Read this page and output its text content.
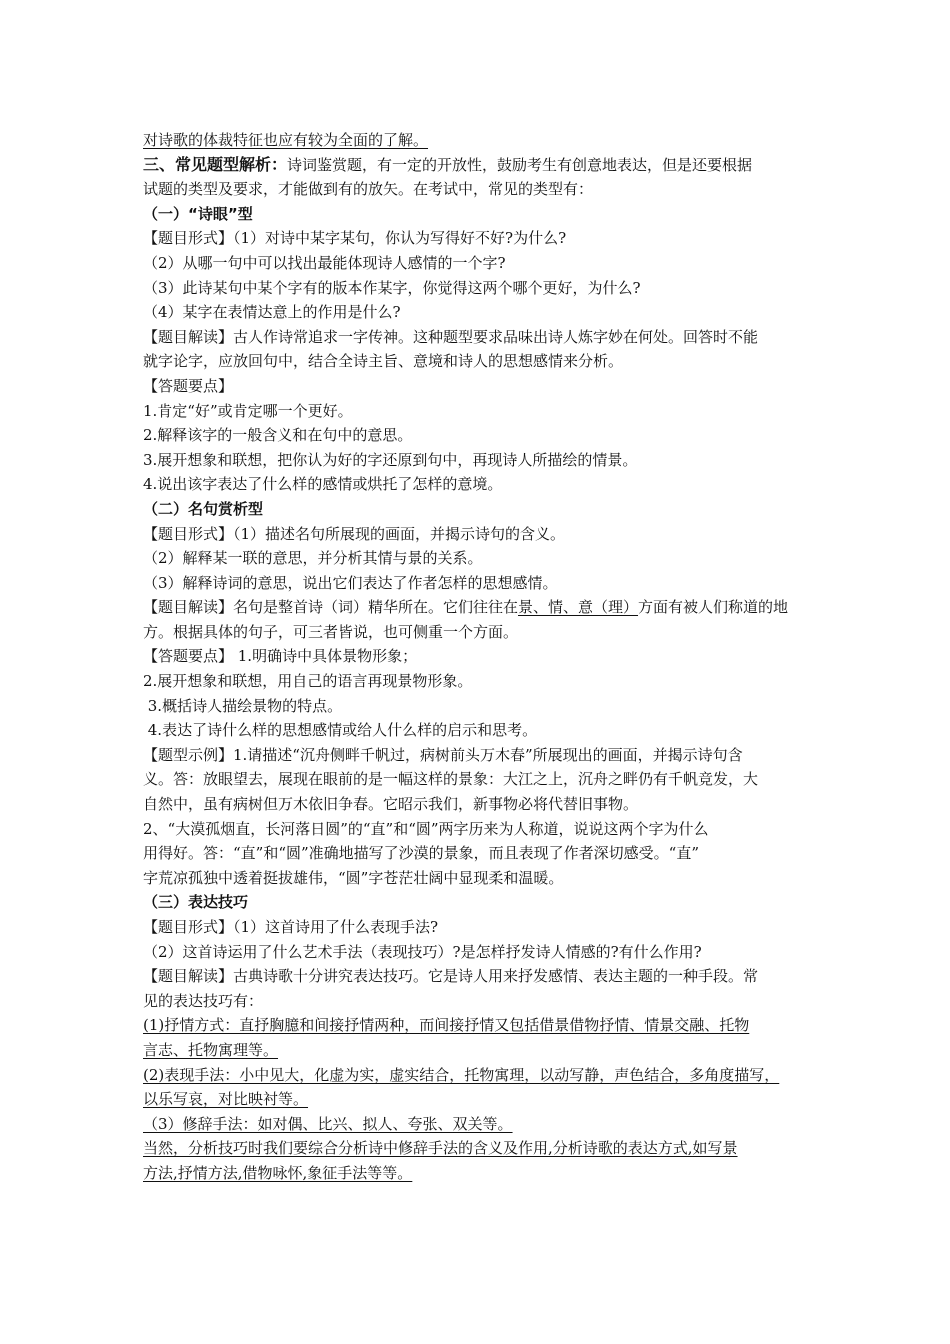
对诗歌的体裁特征也应有较为全面的了解。
三、常见题型解析：诗词鉴赏题，有一定的开放性，鼓励考生有创意地表达，但是还要根据
试题的类型及要求，才能做到有的放矢。在考试中，常见的类型有：
（一）“诗眼”型
【题目形式】（1）对诗中某字某句，你认为写得好不好?为什么?
（2）从哪一句中可以找出最能体现诗人感情的一个字?
（3）此诗某句中某个字有的版本作某字，你觉得这两个哪个更好，为什么?
（4）某字在表情达意上的作用是什么?
【题目解读】古人作诗常追求一字传神。这种题型要求品味出诗人炼字妙在何处。回答时不能
就字论字，应放回句中，结合全诗主旨、意境和诗人的思想感情来分析。
【答题要点】
1.肯定“好”或肯定哪一个更好。
2.解释该字的一般含义和在句中的意思。
3.展开想象和联想，把你认为好的字还原到句中，再现诗人所描绘的情景。
4.说出该字表达了什么样的感情或烘托了怎样的意境。
（二）名句赏析型
【题目形式】（1）描述名句所展现的画面，并揭示诗句的含义。
（2）解释某一联的意思，并分析其情与景的关系。
（3）解释诗词的意思，说出它们表达了作者怎样的思想感情。
【题目解读】名句是整首诗（词）精华所在。它们往往在景、情、意（理）方面有被人们称道的地
方。根据具体的句子，可三者皆说，也可侧重一个方面。
【答题要点】 1.明确诗中具体景物形象；
2.展开想象和联想，用自己的语言再现景物形象。
3.概括诗人描绘景物的特点。
4.表达了诗什么样的思想感情或给人什么样的启示和思考。
【题型示例】1.请描述“沉舟侧畔千帆过，病树前头万木春”所展现出的画面，并揭示诗句含
义。答：放眼望去，展现在眼前的是一幅这样的景象：大江之上，沉舟之畔仍有千帆竞发，大
自然中，虽有病树但万木依旧争春。它昭示我们，新事物必将代替旧事物。
2、“大漠孤烟直，长河落日圆”的“直”和“圆”两字历来为人称道，说说这两个字为什么
用得好。答：“直”和“圆”准确地描写了沙漠的景象，而且表现了作者深切感受。“直”
字荒凉孤独中透着挺拔雄伟，“圆”字苍茫壮阔中显现柔和温暖。
（三）表达技巧
【题目形式】（1）这首诗用了什么表现手法?
（2）这首诗运用了什么艺术手法（表现技巧）?是怎样抒发诗人情感的?有什么作用?
【题目解读】古典诗歌十分讲究表达技巧。它是诗人用来抒发感情、表达主题的一种手段。常
见的表达技巧有：
(1)抒情方式：直抒胸臆和间接抒情两种，而间接抒情又包括借景借物抒情、情景交融、托物
言志、托物寓理等。
(2)表现手法：小中见大，化虚为实，虚实结合，托物寓理，以动写静，声色结合，多角度描写，
以乐写哀，对比映衬等。
（3）修辞手法：如对偶、比兴、拟人、夸张、双关等。
当然，分析技巧时我们要综合分析诗中修辞手法的含义及作用,分析诗歌的表达方式,如写景
方法,抒情方法,借物咏怀,象征手法等等。
